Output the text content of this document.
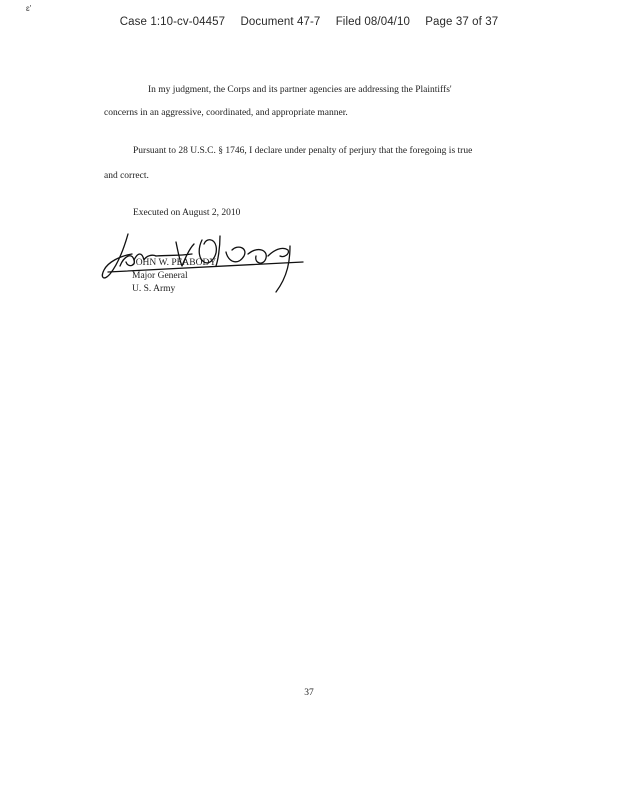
ɛ'
Case 1:10-cv-04457 Document 47-7 Filed 08/04/10 Page 37 of 37
In my judgment, the Corps and its partner agencies are addressing the Plaintiffs'
concerns in an aggressive, coordinated, and appropriate manner.
Pursuant to 28 U.S.C. § 1746, I declare under penalty of perjury that the foregoing is true
and correct.
Executed on August 2, 2010
JOHN W. PEABODY
Major General
U. S. Army
37
